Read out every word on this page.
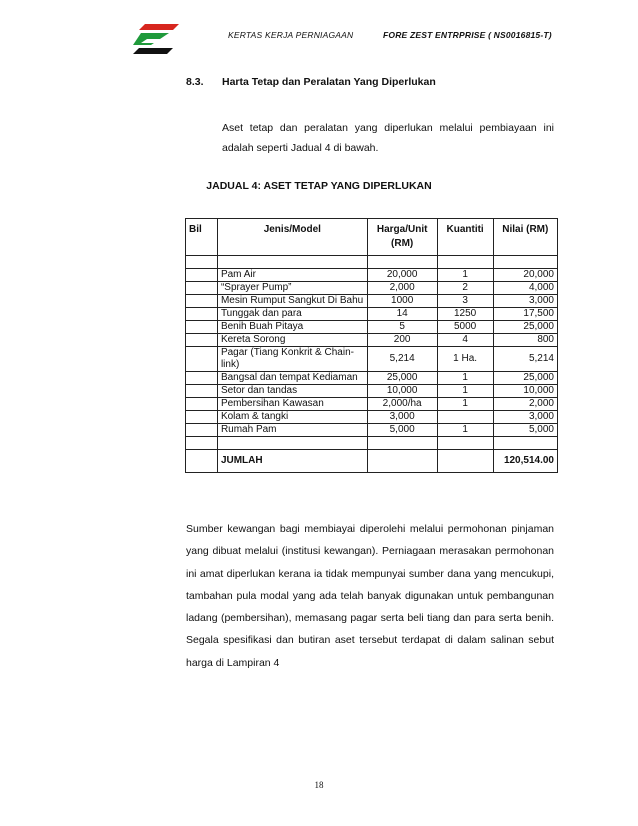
KERTAS KERJA PERNIAGAAN	FORE ZEST ENTRPRISE ( NS0016815-T)
8.3. Harta Tetap dan Peralatan Yang Diperlukan
Aset tetap dan peralatan yang diperlukan melalui pembiayaan ini adalah seperti Jadual 4 di bawah.
JADUAL 4: ASET TETAP YANG DIPERLUKAN
Bil	Jenis/Model	Harga/Unit (RM)	Kuantiti	Nilai (RM)

	Pam Air	20,000	1	20,000
	“Sprayer Pump”	2,000	2	4,000
	Mesin Rumput Sangkut Di Bahu	1000	3	3,000
	Tunggak dan para	14	1250	17,500
	Benih Buah Pitaya	5	5000	25,000
	Kereta Sorong	200	4	800
	Pagar (Tiang Konkrit & Chain-link)	5,214	1 Ha.	5,214
	Bangsal dan tempat Kediaman	25,000	1	25,000
	Setor dan tandas	10,000	1	10,000
	Pembersihan Kawasan	2,000/ha	1	2,000
	Kolam & tangki	3,000		3,000
	Rumah Pam	5,000	1	5,000

	JUMLAH			120,514.00
Sumber kewangan bagi membiayai diperolehi melalui permohonan pinjaman yang dibuat melalui (institusi kewangan). Perniagaan merasakan permohonan ini amat diperlukan kerana ia tidak mempunyai sumber dana yang mencukupi, tambahan pula modal yang ada telah banyak digunakan untuk pembangunan ladang (pembersihan), memasang pagar serta beli tiang dan para serta benih. Segala spesifikasi dan butiran aset tersebut terdapat di dalam salinan sebut harga di Lampiran 4
18
